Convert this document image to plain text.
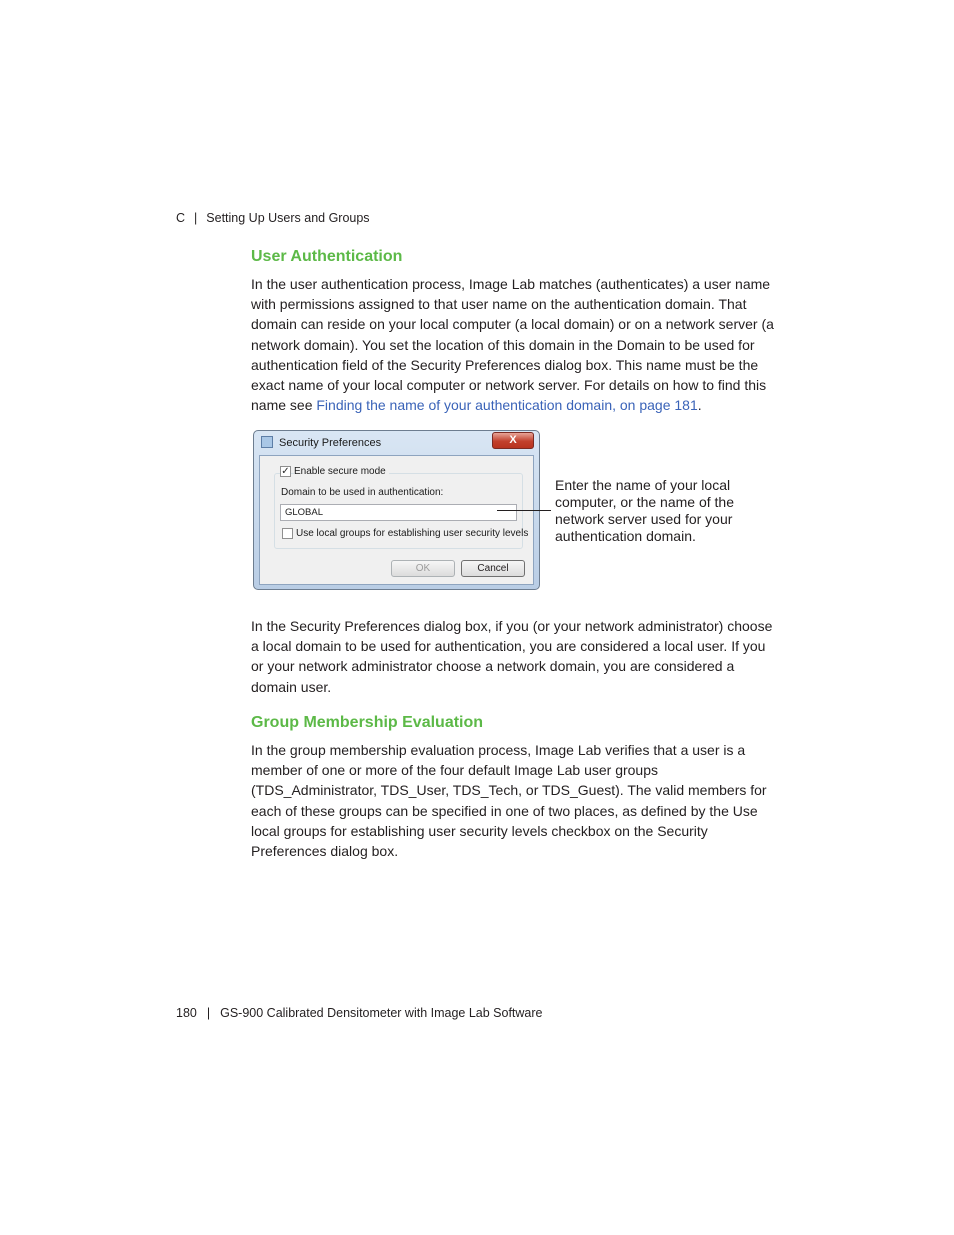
C | Setting Up Users and Groups
User Authentication
In the user authentication process, Image Lab matches (authenticates) a user name with permissions assigned to that user name on the authentication domain. That domain can reside on your local computer (a local domain) or on a network server (a network domain). You set the location of this domain in the Domain to be used for authentication field of the Security Preferences dialog box. This name must be the exact name of your local computer or network server. For details on how to find this name see Finding the name of your authentication domain, on page 181.
Security Preferences	X
✓ Enable secure mode
Domain to be used in authentication:
GLOBAL
Use local groups for establishing user security levels
OK	Cancel
Enter the name of your local computer, or the name of the network server used for your authentication domain.
In the Security Preferences dialog box, if you (or your network administrator) choose a local domain to be used for authentication, you are considered a local user. If you or your network administrator choose a network domain, you are considered a domain user.
Group Membership Evaluation
In the group membership evaluation process, Image Lab verifies that a user is a member of one or more of the four default Image Lab user groups (TDS_Administrator, TDS_User, TDS_Tech, or TDS_Guest). The valid members for each of these groups can be specified in one of two places, as defined by the Use local groups for establishing user security levels checkbox on the Security Preferences dialog box.
180 | GS-900 Calibrated Densitometer with Image Lab Software
